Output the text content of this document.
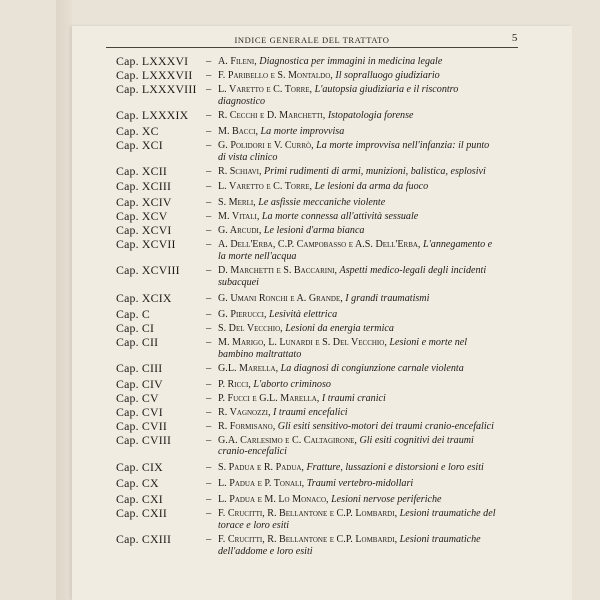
INDICE GENERALE DEL TRATTATO	5
Cap. LXXXVI	– A. Fileni, Diagnostica per immagini in medicina legale
Cap. LXXXVII	– F. Paribello e S. Montaldo, Il sopralluogo giudiziario
Cap. LXXXVIII – L. Varetto e C. Torre, L'autopsia giudiziaria e il riscontro diagnostico
Cap. LXXXIX	– R. Cecchi e D. Marchetti, Istopatologia forense
Cap. XC	– M. Bacci, La morte improvvisa
Cap. XCI	– G. Polidori e V. Currò, La morte improvvisa nell'infanzia: il punto di vista clinico
Cap. XCII	– R. Schiavi, Primi rudimenti di armi, munizioni, balistica, esplosivi
Cap. XCIII	– L. Varetto e C. Torre, Le lesioni da arma da fuoco
Cap. XCIV	– S. Merli, Le asfissie meccaniche violente
Cap. XCV	– M. Vitali, La morte connessa all'attività sessuale
Cap. XCVI	– G. Arcudi, Le lesioni d'arma bianca
Cap. XCVII	– A. Dell'Erba, C.P. Campobasso e A.S. Dell'Erba, L'annegamento e la morte nell'acqua
Cap. XCVIII	– D. Marchetti e S. Baccarini, Aspetti medico-legali degli incidenti subacquei
Cap. XCIX	– G. Umani Ronchi e A. Grande, I grandi traumatismi
Cap. C	– G. Pierucci, Lesività elettrica
Cap. CI	– S. Del Vecchio, Lesioni da energia termica
Cap. CII	– M. Marigo, L. Lunardi e S. Del Vecchio, Lesioni e morte nel bambino maltrattato
Cap. CIII	– G.L. Marella, La diagnosi di congiunzione carnale violenta
Cap. CIV	– P. Ricci, L'aborto criminoso
Cap. CV	– P. Fucci e G.L. Marella, I traumi cranici
Cap. CVI	– R. Vagnozzi, I traumi encefalici
Cap. CVII	– R. Formisano, Gli esiti sensitivo-motori dei traumi cranio-encefalici
Cap. CVIII	– G.A. Carlesimo e C. Caltagirone, Gli esiti cognitivi dei traumi cranio-encefalici
Cap. CIX	– S. Padua e R. Padua, Fratture, lussazioni e distorsioni e loro esiti
Cap. CX	– L. Padua e P. Tonali, Traumi vertebro-midollari
Cap. CXI	– L. Padua e M. Lo Monaco, Lesioni nervose periferiche
Cap. CXII	– F. Crucitti, R. Bellantone e C.P. Lombardi, Lesioni traumatiche del torace e loro esiti
Cap. CXIII	– F. Crucitti, R. Bellantone e C.P. Lombardi, Lesioni traumatiche dell'addome e loro esiti
